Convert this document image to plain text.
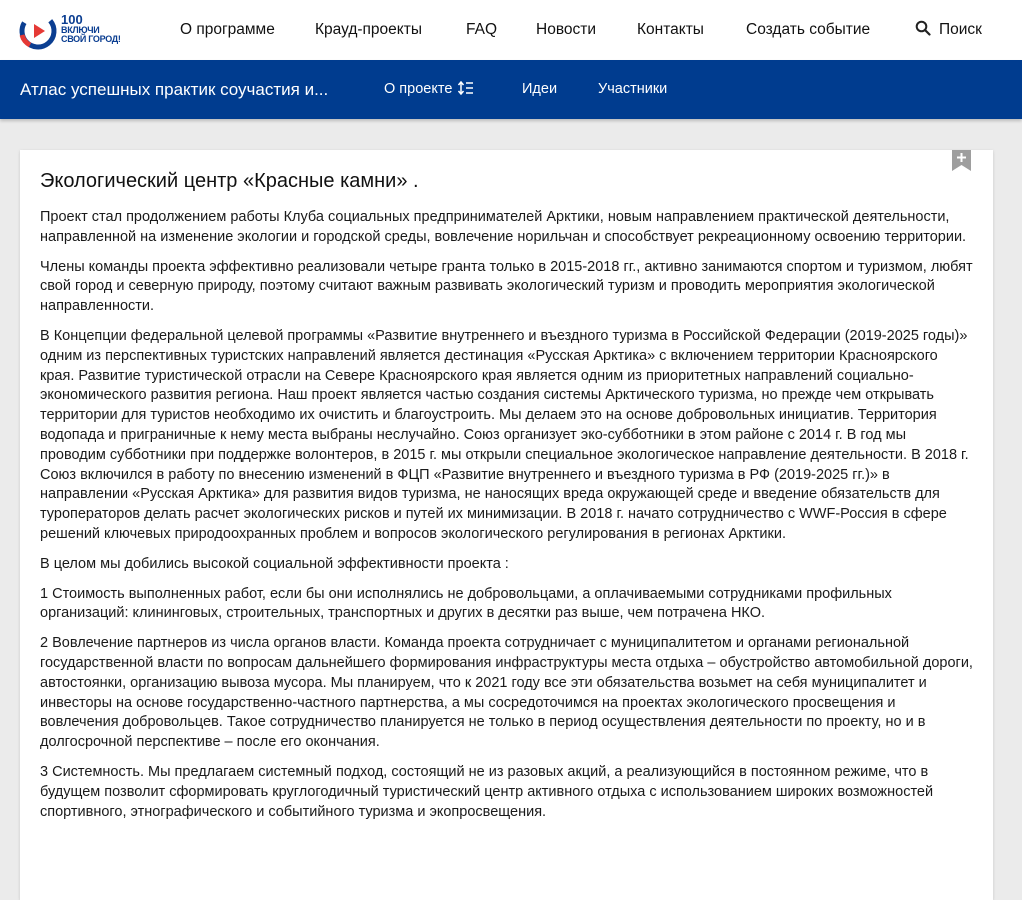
100
ВКЛЮЧИ
СВОЙ ГОРОД!
О программе	Крауд-проекты	FAQ	Новости	Контакты	Создать событие	Поиск
Атлас успешных практик соучастия и...	О проекте	Идеи	Участники
Экологический центр «Красные камни» .

Проект стал продолжением работы Клуба социальных предпринимателей Арктики, новым направлением практической деятельности, направленной на изменение экологии и городской среды, вовлечение норильчан и способствует рекреационному освоению территории.

Члены команды проекта эффективно реализовали четыре гранта только в 2015-2018 гг., активно занимаются спортом и туризмом, любят свой город и северную природу, поэтому считают важным развивать экологический туризм и проводить мероприятия экологической направленности.

В Концепции федеральной целевой программы «Развитие внутреннего и въездного туризма в Российской Федерации (2019-2025 годы)» одним из перспективных туристских направлений является дестинация «Русская Арктика» с включением территории Красноярского края. Развитие туристической отрасли на Севере Красноярского края является одним из приоритетных направлений социально-экономического развития региона. Наш проект является частью создания системы Арктического туризма, но прежде чем открывать территории для туристов необходимо их очистить и благоустроить. Мы делаем это на основе добровольных инициатив. Территория водопада и приграничные к нему места выбраны неслучайно. Союз организует эко-субботники в этом районе с 2014 г. В год мы проводим субботники при поддержке волонтеров, в 2015 г. мы открыли специальное экологическое направление деятельности. В 2018 г. Союз включился в работу по внесению изменений в ФЦП «Развитие внутреннего и въездного туризма в РФ (2019-2025 гг.)» в направлении «Русская Арктика» для развития видов туризма, не наносящих вреда окружающей среде и введение обязательств для туроператоров делать расчет экологических рисков и путей их минимизации. В 2018 г. начато сотрудничество с WWF-Россия в сфере решений ключевых природоохранных проблем и вопросов экологического регулирования в регионах Арктики.

В целом мы добились высокой социальной эффективности проекта :

1 Стоимость выполненных работ, если бы они исполнялись не добровольцами, а оплачиваемыми сотрудниками профильных организаций: клининговых, строительных, транспортных и других в десятки раз выше, чем потрачена НКО.

2 Вовлечение партнеров из числа органов власти. Команда проекта сотрудничает с муниципалитетом и органами региональной государственной власти по вопросам дальнейшего формирования инфраструктуры места отдыха – обустройство автомобильной дороги, автостоянки, организацию вывоза мусора. Мы планируем, что к 2021 году все эти обязательства возьмет на себя муниципалитет и инвесторы на основе государственно-частного партнерства, а мы сосредоточимся на проектах экологического просвещения и вовлечения добровольцев. Такое сотрудничество планируется не только в период осуществления деятельности по проекту, но и в долгосрочной перспективе – после его окончания.

3 Системность. Мы предлагаем системный подход, состоящий не из разовых акций, а реализующийся в постоянном режиме, что в будущем позволит сформировать круглогодичный туристический центр активного отдыха с использованием широких возможностей спортивного, этнографического и событийного туризма и экопросвещения.
